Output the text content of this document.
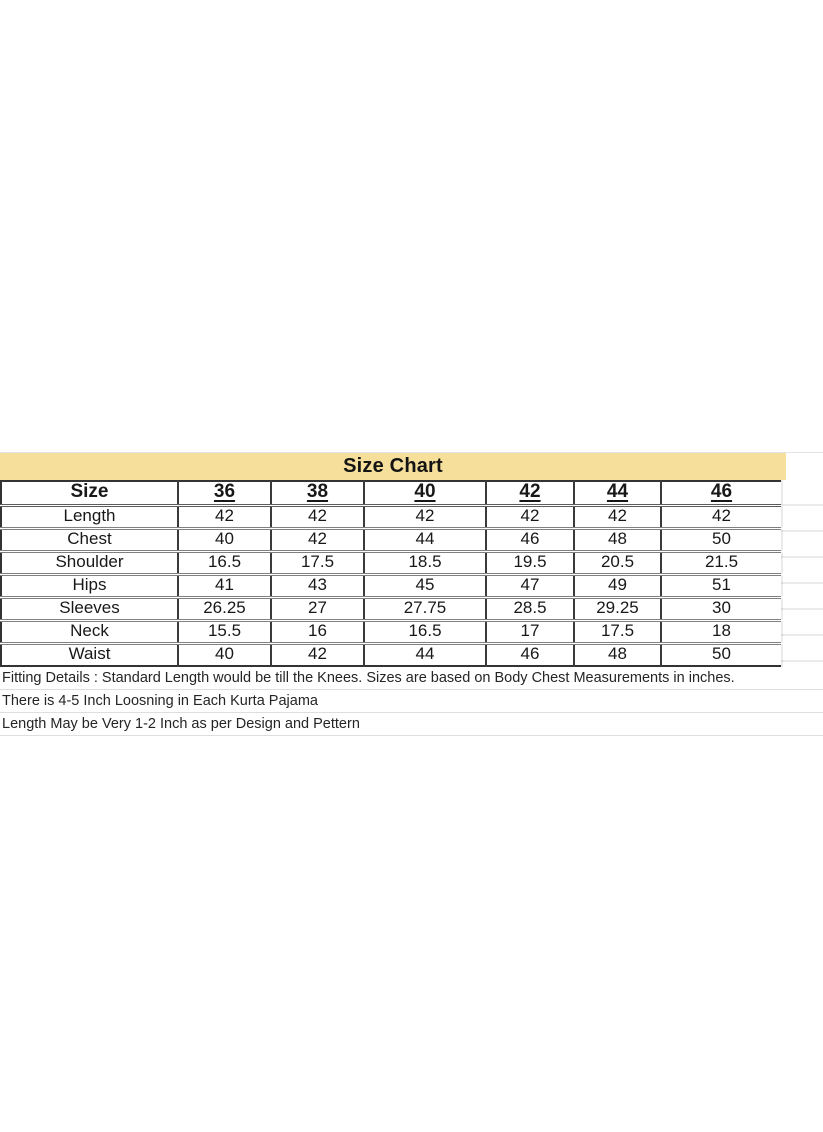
Size Chart
Size	36	38	40	42	44	46
Length	42	42	42	42	42	42
Chest	40	42	44	46	48	50
Shoulder	16.5	17.5	18.5	19.5	20.5	21.5
Hips	41	43	45	47	49	51
Sleeves	26.25	27	27.75	28.5	29.25	30
Neck	15.5	16	16.5	17	17.5	18
Waist	40	42	44	46	48	50
Fitting Details : Standard Length would be till the Knees. Sizes are based on Body Chest Measurements in inches.
There is 4-5 Inch Loosning in Each Kurta Pajama
Length May be Very 1-2 Inch as per Design and Pettern
